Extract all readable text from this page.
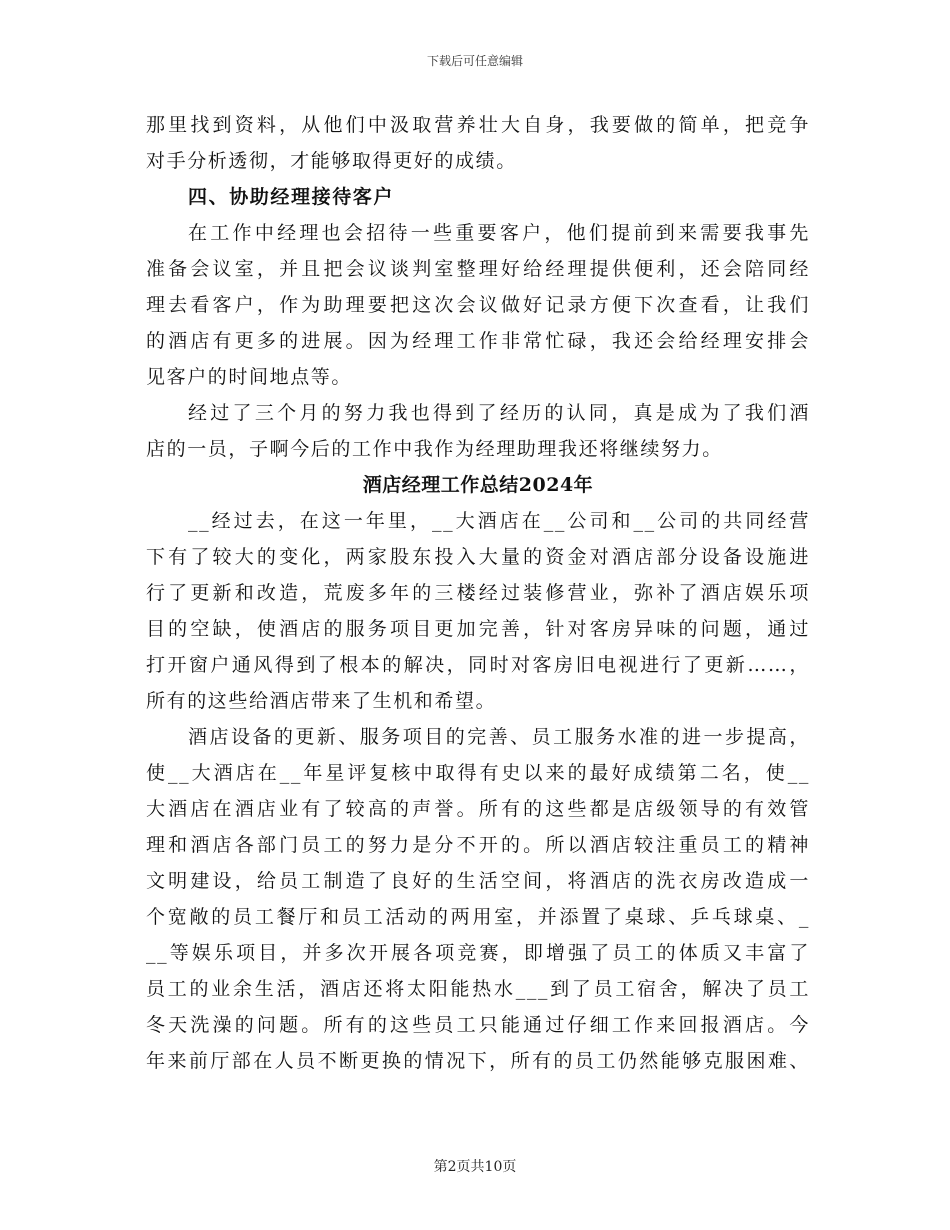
下载后可任意编辑
那里找到资料，从他们中汲取营养壮大自身，我要做的简单，把竞争
对手分析透彻，才能够取得更好的成绩。
四、协助经理接待客户
在工作中经理也会招待一些重要客户，他们提前到来需要我事先
准备会议室，并且把会议谈判室整理好给经理提供便利，还会陪同经
理去看客户，作为助理要把这次会议做好记录方便下次查看，让我们
的酒店有更多的进展。因为经理工作非常忙碌，我还会给经理安排会
见客户的时间地点等。
经过了三个月的努力我也得到了经历的认同，真是成为了我们酒
店的一员，子啊今后的工作中我作为经理助理我还将继续努力。
酒店经理工作总结2024年
__经过去，在这一年里，__大酒店在__公司和__公司的共同经营
下有了较大的变化，两家股东投入大量的资金对酒店部分设备设施进
行了更新和改造，荒废多年的三楼经过装修营业，弥补了酒店娱乐项
目的空缺，使酒店的服务项目更加完善，针对客房异味的问题，通过
打开窗户通风得到了根本的解决，同时对客房旧电视进行了更新……，
所有的这些给酒店带来了生机和希望。
酒店设备的更新、服务项目的完善、员工服务水准的进一步提高，
使__大酒店在__年星评复核中取得有史以来的最好成绩第二名，使__
大酒店在酒店业有了较高的声誉。所有的这些都是店级领导的有效管
理和酒店各部门员工的努力是分不开的。所以酒店较注重员工的精神
文明建设，给员工制造了良好的生活空间，将酒店的洗衣房改造成一
个宽敞的员工餐厅和员工活动的两用室，并添置了桌球、乒乓球桌、_
__等娱乐项目，并多次开展各项竞赛，即增强了员工的体质又丰富了
员工的业余生活，酒店还将太阳能热水___到了员工宿舍，解决了员工
冬天洗澡的问题。所有的这些员工只能通过仔细工作来回报酒店。今
年来前厅部在人员不断更换的情况下，所有的员工仍然能够克服困难、
第2页共10页
